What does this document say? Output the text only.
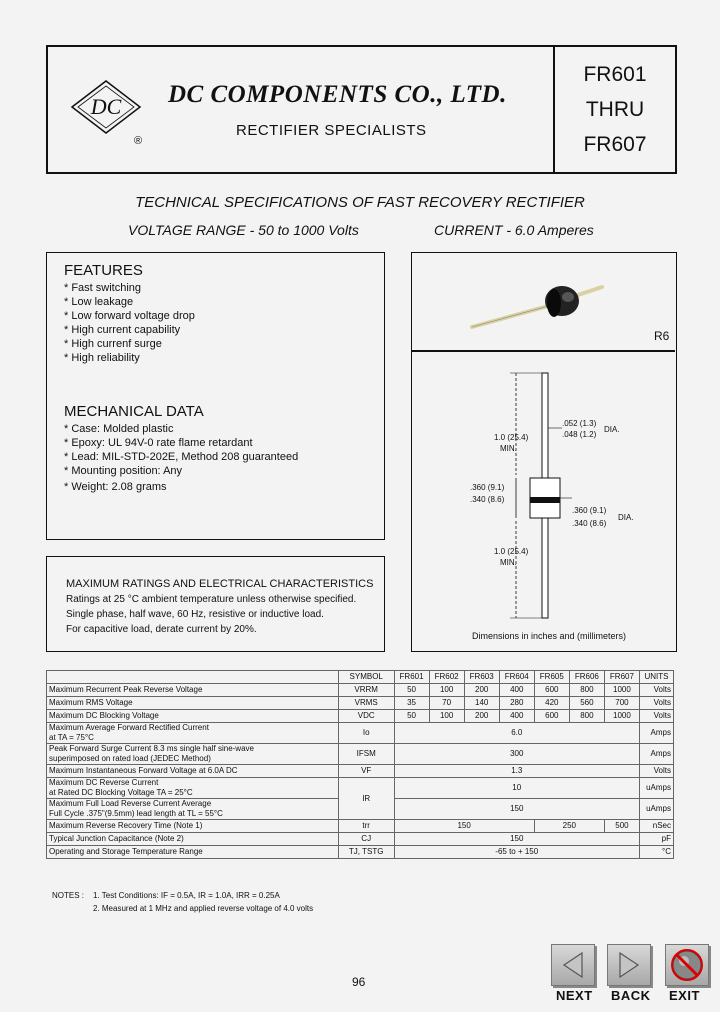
DC
®
DC COMPONENTS CO., LTD.
RECTIFIER SPECIALISTS
FR601
THRU
FR607
TECHNICAL SPECIFICATIONS OF FAST RECOVERY RECTIFIER
VOLTAGE RANGE - 50 to 1000 Volts	CURRENT - 6.0 Amperes
FEATURES
* Fast switching
* Low leakage
* Low forward voltage drop
* High current capability
* High currenf surge
* High reliability
MECHANICAL DATA
* Case: Molded plastic
* Epoxy: UL 94V-0 rate flame retardant
* Lead: MIL-STD-202E, Method 208 guaranteed
* Mounting position: Any
* Weight: 2.08 grams
R6
.052 (1.3)
.048 (1.2)
DIA.
1.0 (25.4)
MIN.
.360 (9.1)
.340 (8.6)
.360 (9.1)
.340 (8.6)
DIA.
1.0 (25.4)
MIN.
Dimensions in inches and (millimeters)
MAXIMUM RATINGS AND ELECTRICAL CHARACTERISTICS
Ratings at 25 °C ambient temperature unless otherwise specified.
Single phase, half wave, 60 Hz, resistive or inductive load.
For capacitive load, derate current by 20%.
	SYMBOL	FR601	FR602	FR603	FR604	FR605	FR606	FR607	UNITS
Maximum Recurrent Peak Reverse Voltage	VRRM	50	100	200	400	600	800	1000	Volts
Maximum RMS Voltage	VRMS	35	70	140	280	420	560	700	Volts
Maximum DC Blocking Voltage	VDC	50	100	200	400	600	800	1000	Volts

Maximum Average Forward Rectified Current
at TA = 75°C	Io	6.0							Amps

Peak Forward Surge Current 8.3 ms single half sine-wave
superimposed on rated load (JEDEC Method)	IFSM	300							Amps
Maximum Instantaneous Forward Voltage at 6.0A DC	VF	1.3							Volts

Maximum DC Reverse Current
at Rated DC Blocking Voltage TA = 25°C	IR	10							uAmps

Maximum Full Load Reverse Current Average
Full Cycle .375"(9.5mm) lead length at TL = 55°C		150							uAmps
Maximum Reverse Recovery Time (Note 1)	trr	150				250		500	nSec
Typical Junction Capacitance (Note 2)	CJ	150							pF
Operating and Storage Temperature Range	TJ, TSTG	-65 to + 150							°C
NOTES : 1. Test Conditions: IF = 0.5A, IR = 1.0A, IRR = 0.25A
2. Measured at 1 MHz and applied reverse voltage of 4.0 volts
96
NEXT BACK EXIT
